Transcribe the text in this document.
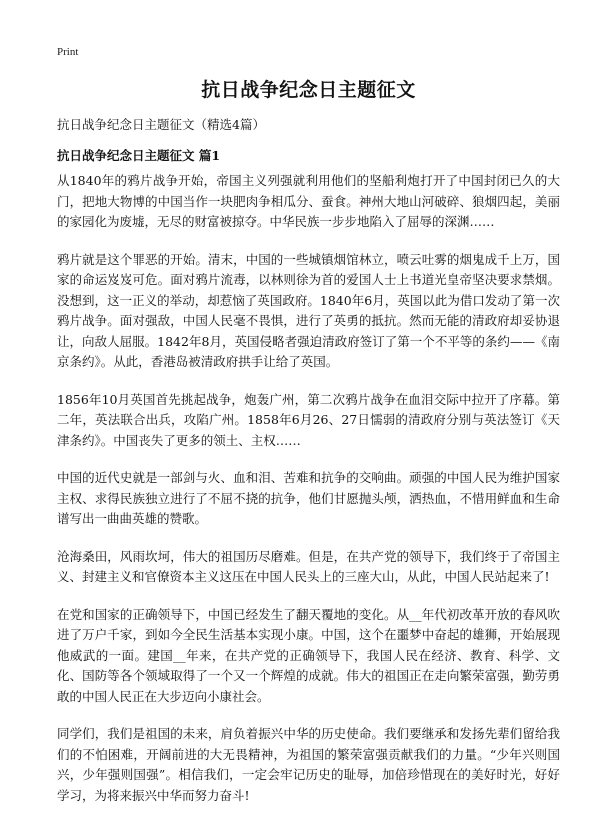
Print
抗日战争纪念日主题征文
抗日战争纪念日主题征文（精选4篇）
抗日战争纪念日主题征文 篇1

从1840年的鸦片战争开始，帝国主义列强就利用他们的坚船利炮打开了中国封闭已久的大门，把地大物博的中国当作一块肥肉争相瓜分、蚕食。神州大地山河破碎、狼烟四起，美丽的家园化为废墟，无尽的财富被掠夺。中华民族一步步地陷入了屈辱的深渊……

鸦片就是这个罪恶的开始。清末，中国的一些城镇烟馆林立，喷云吐雾的烟鬼成千上万，国家的命运岌岌可危。面对鸦片流毒，以林则徐为首的爱国人士上书道光皇帝坚决要求禁烟。没想到，这一正义的举动，却惹恼了英国政府。1840年6月，英国以此为借口发动了第一次鸦片战争。面对强敌，中国人民毫不畏惧，进行了英勇的抵抗。然而无能的清政府却妥协退让，向敌人屈服。1842年8月，英国侵略者强迫清政府签订了第一个不平等的条约——《南京条约》。从此，香港岛被清政府拱手让给了英国。

1856年10月英国首先挑起战争，炮轰广州，第二次鸦片战争在血泪交际中拉开了序幕。第二年，英法联合出兵，攻陷广州。1858年6月26、27日懦弱的清政府分别与英法签订《天津条约》。中国丧失了更多的领土、主权……

中国的近代史就是一部剑与火、血和泪、苦难和抗争的交响曲。顽强的中国人民为维护国家主权、求得民族独立进行了不屈不挠的抗争，他们甘愿抛头颅，洒热血，不惜用鲜血和生命谱写出一曲曲英雄的赞歌。

沧海桑田，风雨坎坷，伟大的祖国历尽磨难。但是，在共产党的领导下，我们终于了帝国主义、封建主义和官僚资本主义这压在中国人民头上的三座大山，从此，中国人民站起来了!

在党和国家的正确领导下，中国已经发生了翻天覆地的变化。从__年代初改革开放的春风吹进了万户千家，到如今全民生活基本实现小康。中国，这个在噩梦中奋起的雄狮，开始展现他威武的一面。建国__年来，在共产党的正确领导下，我国人民在经济、教育、科学、文化、国防等各个领域取得了一个又一个辉煌的成就。伟大的祖国正在走向繁荣富强，勤劳勇敢的中国人民正在大步迈向小康社会。

同学们，我们是祖国的未来，肩负着振兴中华的历史使命。我们要继承和发扬先辈们留给我们的不怕困难，开阔前进的大无畏精神，为祖国的繁荣富强贡献我们的力量。“少年兴则国兴，少年强则国强”。相信我们，一定会牢记历史的耻辱，加倍珍惜现在的美好时光，好好学习，为将来振兴中华而努力奋斗!
